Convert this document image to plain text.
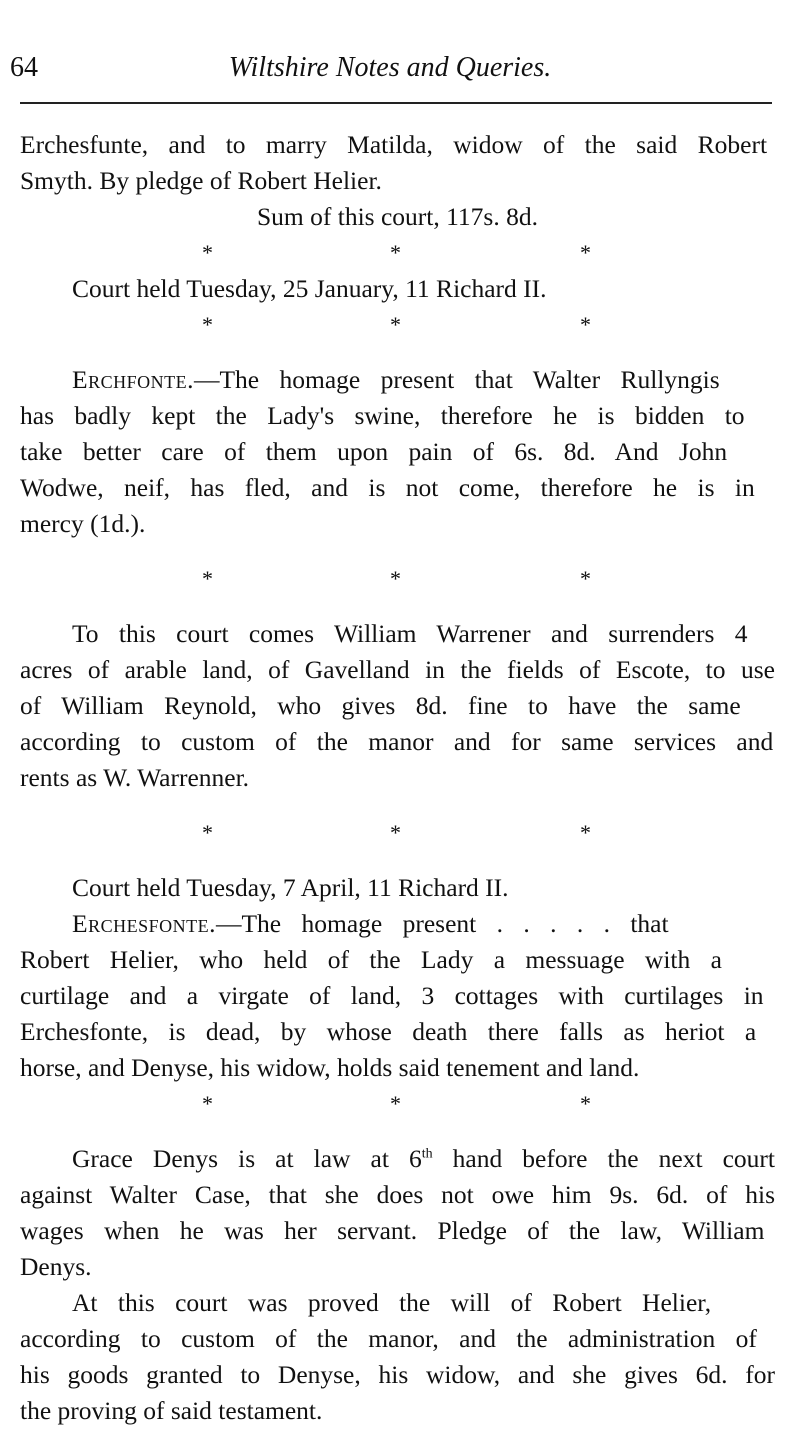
64	Wiltshire Notes and Queries.
Erchesfunte, and to marry Matilda, widow of the said Robert
Smyth. By pledge of Robert Helier.
Sum of this court, 117s. 8d.
*	*	*
Court held Tuesday, 25 January, 11 Richard II.
*	*	*
Erchfonte.—The homage present that Walter Rullyngis
has badly kept the Lady's swine, therefore he is bidden to
take better care of them upon pain of 6s. 8d. And John
Wodwe, neif, has fled, and is not come, therefore he is in
mercy (1d.).
*	*	*
To this court comes William Warrener and surrenders 4
acres of arable land, of Gavelland in the fields of Escote, to use
of William Reynold, who gives 8d. fine to have the same
according to custom of the manor and for same services and
rents as W. Warrenner.
*	*	*
Court held Tuesday, 7 April, 11 Richard II.
Erchesfonte.—The homage present . . . . . that
Robert Helier, who held of the Lady a messuage with a
curtilage and a virgate of land, 3 cottages with curtilages in
Erchesfonte, is dead, by whose death there falls as heriot a
horse, and Denyse, his widow, holds said tenement and land.
*	*	*
Grace Denys is at law at 6th hand before the next court
against Walter Case, that she does not owe him 9s. 6d. of his
wages when he was her servant. Pledge of the law, William
Denys.
At this court was proved the will of Robert Helier,
according to custom of the manor, and the administration of
his goods granted to Denyse, his widow, and she gives 6d. for
the proving of said testament.
